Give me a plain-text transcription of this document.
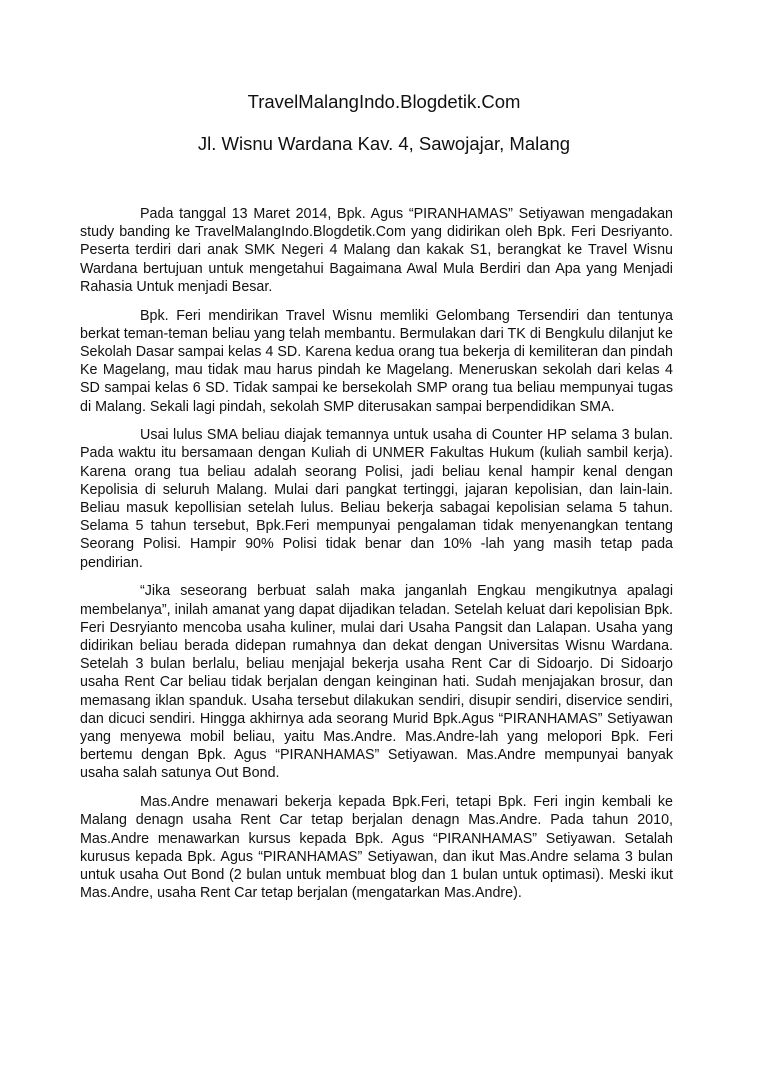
TravelMalangIndo.Blogdetik.Com
Jl. Wisnu Wardana Kav. 4, Sawojajar, Malang

Pada tanggal 13 Maret 2014, Bpk. Agus “PIRANHAMAS” Setiyawan mengadakan study banding ke TravelMalangIndo.Blogdetik.Com yang didirikan oleh Bpk. Feri Desriyanto. Peserta terdiri dari anak SMK Negeri 4 Malang dan kakak S1, berangkat ke Travel Wisnu Wardana bertujuan untuk mengetahui Bagaimana Awal Mula Berdiri dan Apa yang Menjadi Rahasia Untuk menjadi Besar.

Bpk. Feri mendirikan Travel Wisnu memliki Gelombang Tersendiri dan tentunya berkat teman-teman beliau yang telah membantu. Bermulakan dari TK di Bengkulu dilanjut ke Sekolah Dasar sampai kelas 4 SD. Karena kedua orang tua bekerja di kemiliteran dan pindah Ke Magelang, mau tidak mau harus pindah ke Magelang. Meneruskan sekolah dari kelas 4 SD sampai kelas 6 SD. Tidak sampai ke bersekolah SMP orang tua beliau mempunyai tugas di Malang. Sekali lagi pindah, sekolah SMP diterusakan sampai berpendidikan SMA.

Usai lulus SMA beliau diajak temannya untuk usaha di Counter HP selama 3 bulan. Pada waktu itu bersamaan dengan Kuliah di UNMER Fakultas Hukum (kuliah sambil kerja). Karena orang tua beliau adalah seorang Polisi, jadi beliau kenal hampir kenal dengan Kepolisia di seluruh Malang. Mulai dari pangkat tertinggi, jajaran kepolisian, dan lain-lain. Beliau masuk kepollisian setelah lulus. Beliau bekerja sabagai kepolisian selama 5 tahun. Selama 5 tahun tersebut, Bpk.Feri mempunyai pengalaman tidak menyenangkan tentang Seorang Polisi. Hampir 90% Polisi tidak benar dan 10% -lah yang masih tetap pada pendirian.

“Jika seseorang berbuat salah maka janganlah Engkau mengikutnya apalagi membelanya”, inilah amanat yang dapat dijadikan teladan. Setelah keluat dari kepolisian Bpk. Feri Desryianto mencoba usaha kuliner, mulai dari Usaha Pangsit dan Lalapan. Usaha yang didirikan beliau berada didepan rumahnya dan dekat dengan Universitas Wisnu Wardana. Setelah 3 bulan berlalu, beliau menjajal bekerja usaha Rent Car di Sidoarjo. Di Sidoarjo usaha Rent Car beliau tidak berjalan dengan keinginan hati. Sudah menjajakan brosur, dan memasang iklan spanduk. Usaha tersebut dilakukan sendiri, disupir sendiri, diservice sendiri, dan dicuci sendiri. Hingga akhirnya ada seorang Murid Bpk.Agus “PIRANHAMAS” Setiyawan yang menyewa mobil beliau, yaitu Mas.Andre. Mas.Andre-lah yang melopori Bpk. Feri bertemu dengan Bpk. Agus “PIRANHAMAS” Setiyawan. Mas.Andre mempunyai banyak usaha salah satunya Out Bond.

Mas.Andre menawari bekerja kepada Bpk.Feri, tetapi Bpk. Feri ingin kembali ke Malang denagn usaha Rent Car tetap berjalan denagn Mas.Andre. Pada tahun 2010, Mas.Andre menawarkan kursus kepada Bpk. Agus “PIRANHAMAS” Setiyawan. Setalah kurusus kepada Bpk. Agus “PIRANHAMAS” Setiyawan, dan ikut Mas.Andre selama 3 bulan untuk usaha Out Bond (2 bulan untuk membuat blog dan 1 bulan untuk optimasi). Meski ikut Mas.Andre, usaha Rent Car tetap berjalan (mengatarkan Mas.Andre).
